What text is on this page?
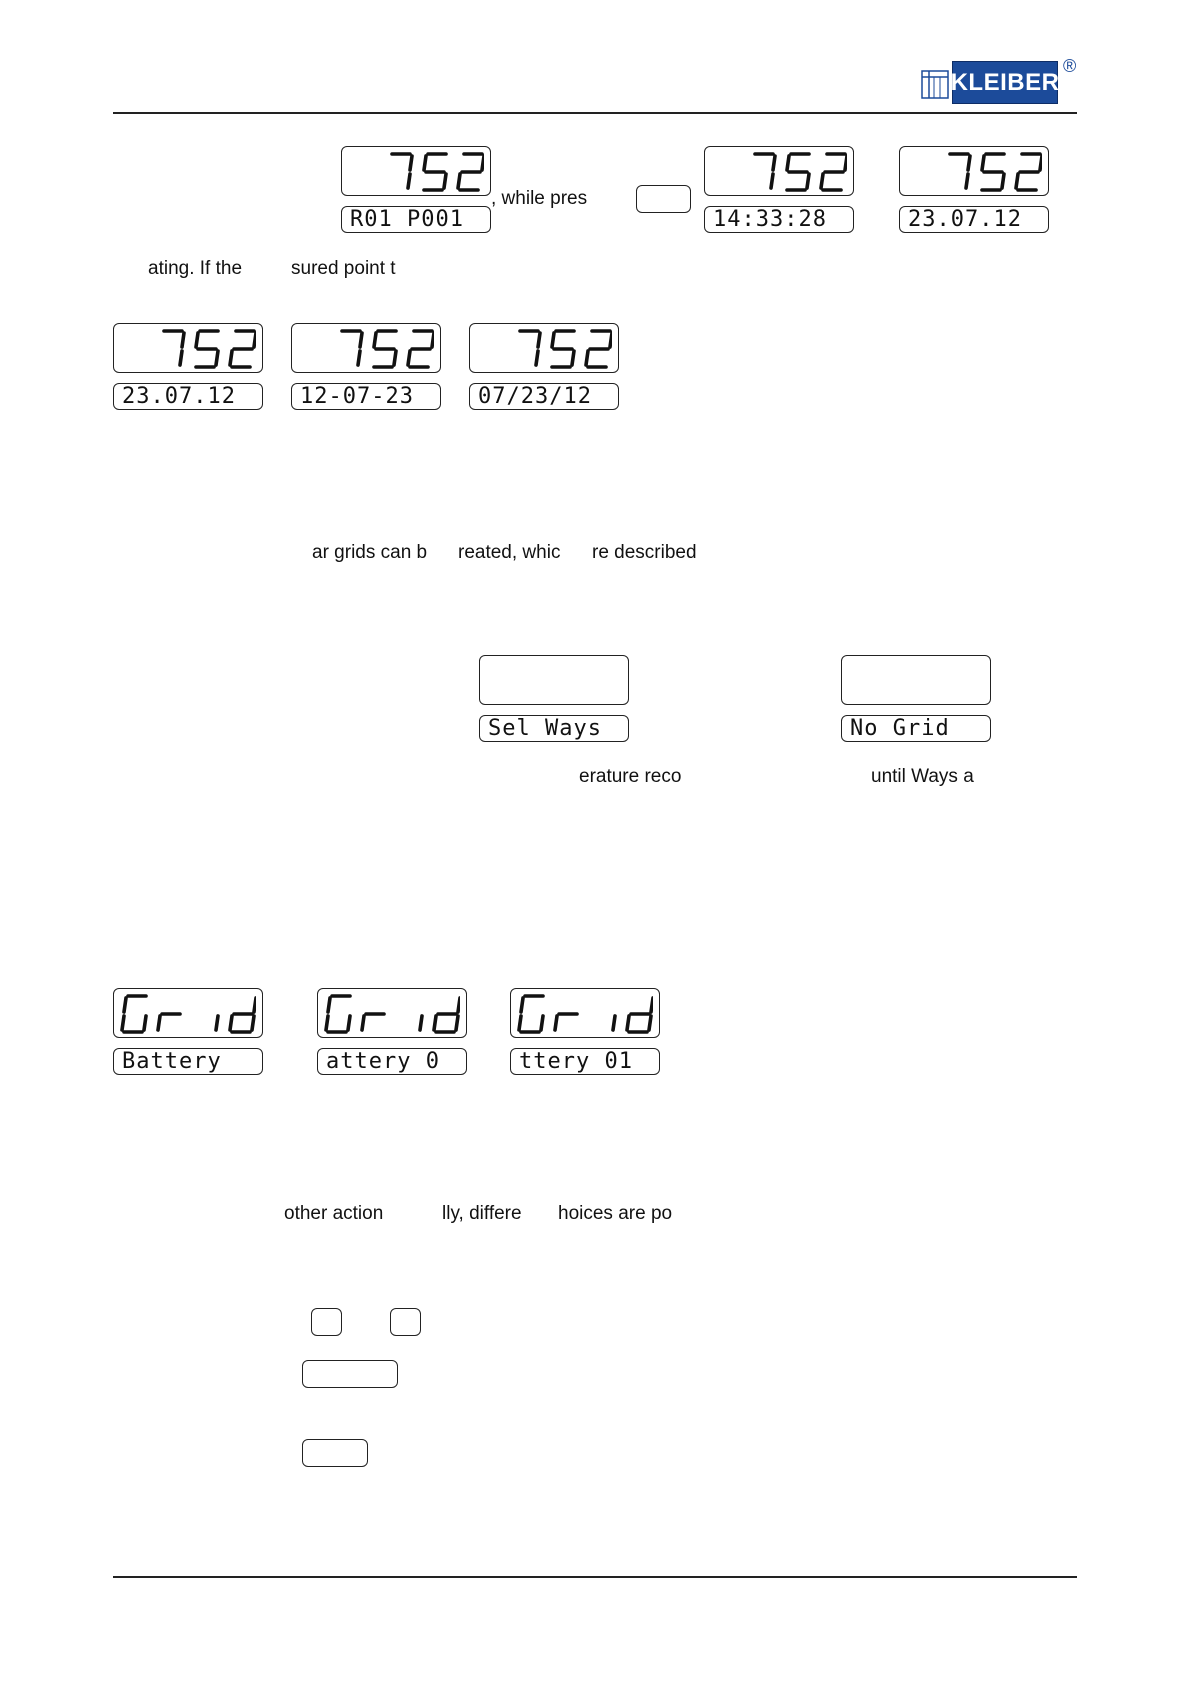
KLEIBER
®
R01 P001
, while pres
14:33:28	23.07.12
ating. If the	sured point t
23.07.12	12-07-23	07/23/12
ar grids can b reated, whic re described
Sel Ways	No Grid
erature reco	until Ways a
Battery	attery 0	ttery 01
other action	lly, differe hoices are po
